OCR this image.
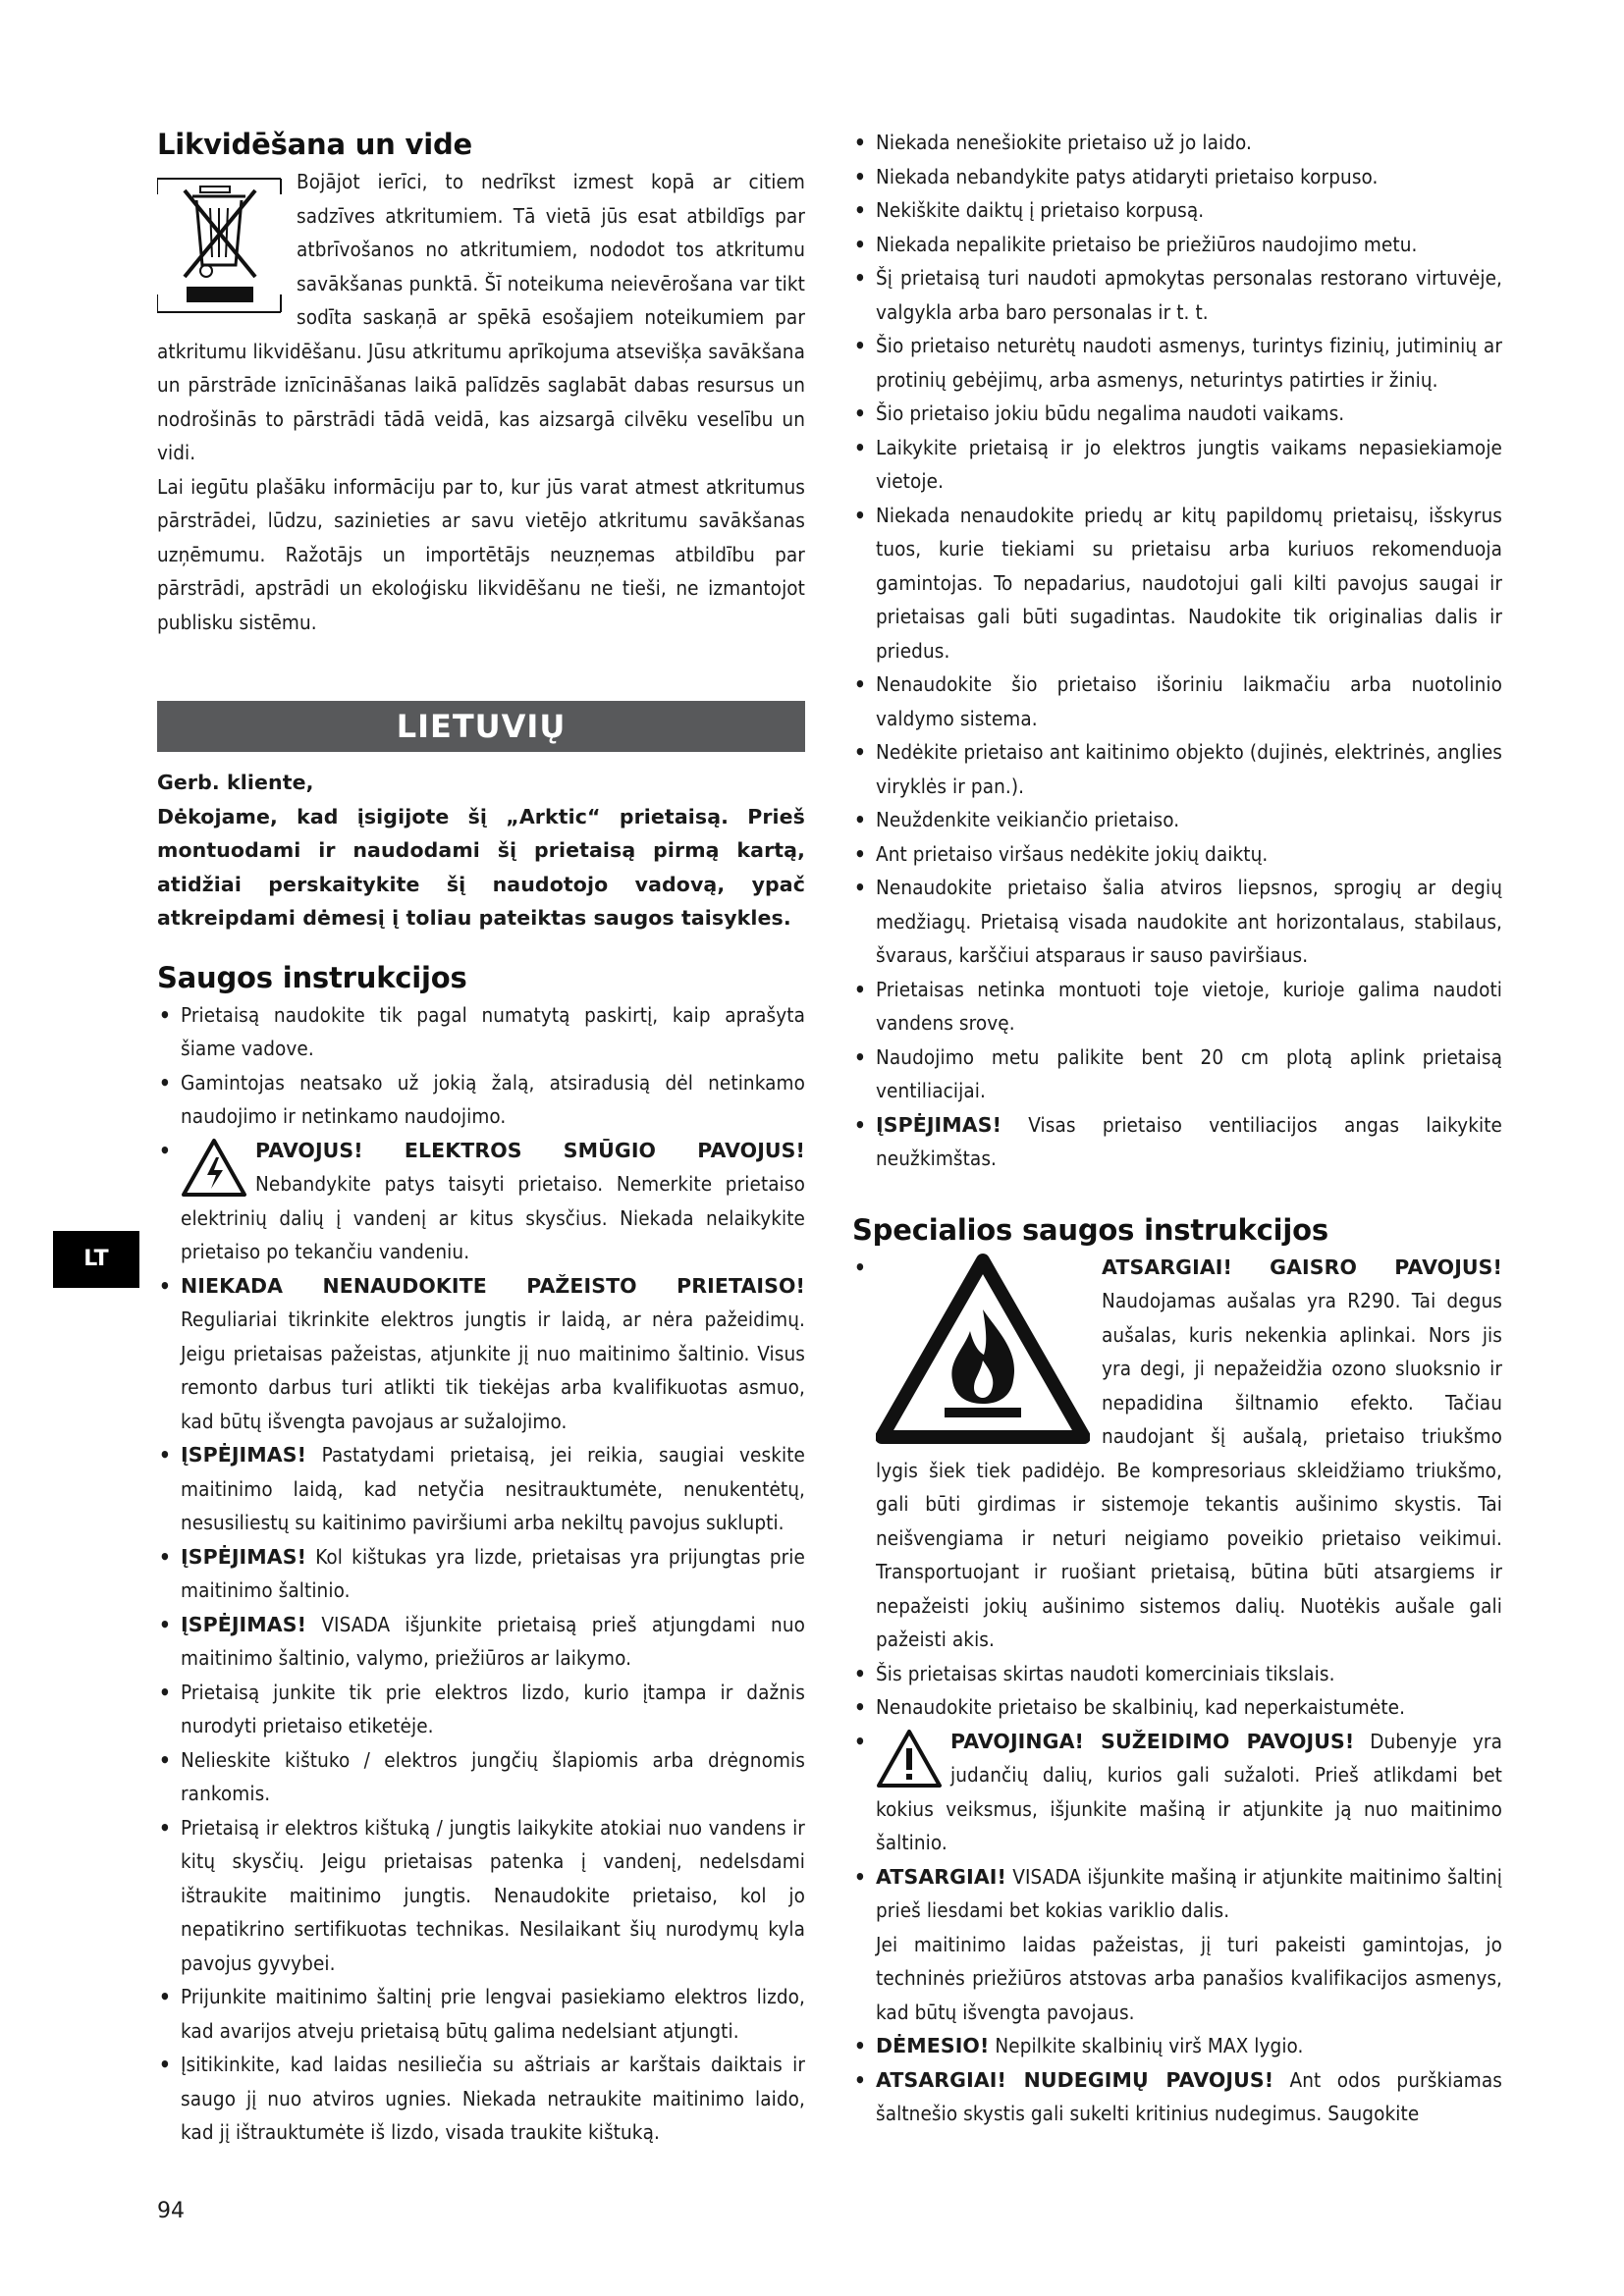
Likvidēšana un vide

Bojājot ierīci, to nedrīkst izmest kopā ar citiem sadzīves atkritumiem. Tā vietā jūs esat atbildīgs par atbrīvošanos no atkritumiem, nododot tos atkritumu savākšanas punktā. Šī noteikuma neievērošana var tikt sodīta saskaņā ar spēkā esošajiem noteikumiem par atkritumu likvidēšanu. Jūsu atkritumu aprīkojuma atsevišķa savākšana un pārstrāde iznīcināšanas laikā palīdzēs saglabāt dabas resursus un nodrošinās to pārstrādi tādā veidā, kas aizsargā cilvēku veselību un vidi.

Lai iegūtu plašāku informāciju par to, kur jūs varat atmest atkritumus pārstrādei, lūdzu, sazinieties ar savu vietējo atkritumu savākšanas uzņēmumu. Ražotājs un importētājs neuzņemas atbildību par pārstrādi, apstrādi un ekoloģisku likvidēšanu ne tieši, ne izmantojot publisku sistēmu.

LIETUVIŲ

Gerb. kliente,

Dėkojame, kad įsigijote šį „Arktic“ prietaisą. Prieš montuodami ir naudodami šį prietaisą pirmą kartą, atidžiai perskaitykite šį naudotojo vadovą, ypač atkreipdami dėmesį į toliau pateiktas saugos taisykles.

Saugos instrukcijos

• Prietaisą naudokite tik pagal numatytą paskirtį, kaip aprašyta šiame vadove.

• Gamintojas neatsako už jokią žalą, atsiradusią dėl netinkamo naudojimo ir netinkamo naudojimo.

• PAVOJUS! ELEKTROS SMŪGIO PAVOJUS! Nebandykite patys taisyti prietaiso. Nemerkite prietaiso elektrinių dalių į vandenį ar kitus skysčius. Niekada nelaikykite prietaiso po tekančiu vandeniu.

• NIEKADA NENAUDOKITE PAŽEISTO PRIETAISO! Reguliariai tikrinkite elektros jungtis ir laidą, ar nėra pažeidimų. Jeigu prietaisas pažeistas, atjunkite jį nuo maitinimo šaltinio. Visus remonto darbus turi atlikti tik tiekėjas arba kvalifikuotas asmuo, kad būtų išvengta pavojaus ar sužalojimo.

• ĮSPĖJIMAS! Pastatydami prietaisą, jei reikia, saugiai veskite maitinimo laidą, kad netyčia nesitrauktumėte, nenukentėtų, nesusiliestų su kaitinimo paviršiumi arba nekiltų pavojus suklupti.

• ĮSPĖJIMAS! Kol kištukas yra lizde, prietaisas yra prijungtas prie maitinimo šaltinio.

• ĮSPĖJIMAS! VISADA išjunkite prietaisą prieš atjungdami nuo maitinimo šaltinio, valymo, priežiūros ar laikymo.

• Prietaisą junkite tik prie elektros lizdo, kurio įtampa ir dažnis nurodyti prietaiso etiketėje.

• Nelieskite kištuko / elektros jungčių šlapiomis arba drėgnomis rankomis.

• Prietaisą ir elektros kištuką / jungtis laikykite atokiai nuo vandens ir kitų skysčių. Jeigu prietaisas patenka į vandenį, nedelsdami ištraukite maitinimo jungtis. Nenaudokite prietaiso, kol jo nepatikrino sertifikuotas technikas. Nesilaikant šių nurodymų kyla pavojus gyvybei.

• Prijunkite maitinimo šaltinį prie lengvai pasiekiamo elektros lizdo, kad avarijos atveju prietaisą būtų galima nedelsiant atjungti.

• Įsitikinkite, kad laidas nesiliečia su aštriais ar karštais daiktais ir saugo jį nuo atviros ugnies. Niekada netraukite maitinimo laido, kad jį ištrauktumėte iš lizdo, visada traukite kištuką.

• Niekada nenešiokite prietaiso už jo laido.

• Niekada nebandykite patys atidaryti prietaiso korpuso.

• Nekiškite daiktų į prietaiso korpusą.

• Niekada nepalikite prietaiso be priežiūros naudojimo metu.

• Šį prietaisą turi naudoti apmokytas personalas restorano virtuvėje, valgykla arba baro personalas ir t. t.

• Šio prietaiso neturėtų naudoti asmenys, turintys fizinių, jutiminių ar protinių gebėjimų, arba asmenys, neturintys patirties ir žinių.

• Šio prietaiso jokiu būdu negalima naudoti vaikams.

• Laikykite prietaisą ir jo elektros jungtis vaikams nepasiekiamoje vietoje.

• Niekada nenaudokite priedų ar kitų papildomų prietaisų, išskyrus tuos, kurie tiekiami su prietaisu arba kuriuos rekomenduoja gamintojas. To nepadarius, naudotojui gali kilti pavojus saugai ir prietaisas gali būti sugadintas. Naudokite tik originalias dalis ir priedus.

• Nenaudokite šio prietaiso išoriniu laikmačiu arba nuotolinio valdymo sistema.

• Nedėkite prietaiso ant kaitinimo objekto (dujinės, elektrinės, anglies viryklės ir pan.).

• Neuždenkite veikiančio prietaiso.

• Ant prietaiso viršaus nedėkite jokių daiktų.

• Nenaudokite prietaiso šalia atviros liepsnos, sprogių ar degių medžiagų. Prietaisą visada naudokite ant horizontalaus, stabilaus, švaraus, karščiui atsparaus ir sauso paviršiaus.

• Prietaisas netinka montuoti toje vietoje, kurioje galima naudoti vandens srovę.

• Naudojimo metu palikite bent 20 cm plotą aplink prietaisą ventiliacijai.

• ĮSPĖJIMAS! Visas prietaiso ventiliacijos angas laikykite neužkimštas.

Specialios saugos instrukcijos

• ATSARGIAI! GAISRO PAVOJUS! Naudojamas aušalas yra R290. Tai degus aušalas, kuris nekenkia aplinkai. Nors jis yra degi, ji nepažeidžia ozono sluoksnio ir nepadidina šiltnamio efekto. Tačiau naudojant šį aušalą, prietaiso triukšmo lygis šiek tiek padidėjo. Be kompresoriaus skleidžiamo triukšmo, gali būti girdimas ir sistemoje tekantis aušinimo skystis. Tai neišvengiama ir neturi neigiamo poveikio prietaiso veikimui. Transportuojant ir ruošiant prietaisą, būtina būti atsargiems ir nepažeisti jokių aušinimo sistemos dalių. Nuotėkis aušale gali pažeisti akis.

• Šis prietaisas skirtas naudoti komerciniais tikslais.

• Nenaudokite prietaiso be skalbinių, kad neperkaistumėte.

• PAVOJINGA! SUŽEIDIMO PAVOJUS! Dubenyje yra judančių dalių, kurios gali sužaloti. Prieš atlikdami bet kokius veiksmus, išjunkite mašiną ir atjunkite ją nuo maitinimo šaltinio.

• ATSARGIAI! VISADA išjunkite mašiną ir atjunkite maitinimo šaltinį prieš liesdami bet kokias variklio dalis.

Jei maitinimo laidas pažeistas, jį turi pakeisti gamintojas, jo techninės priežiūros atstovas arba panašios kvalifikacijos asmenys, kad būtų išvengta pavojaus.

• DĖMESIO! Nepilkite skalbinių virš MAX lygio.

• ATSARGIAI! NUDEGIMŲ PAVOJUS! Ant odos purškiamas šaltnešio skystis gali sukelti kritinius nudegimus. Saugokite

LT
94
